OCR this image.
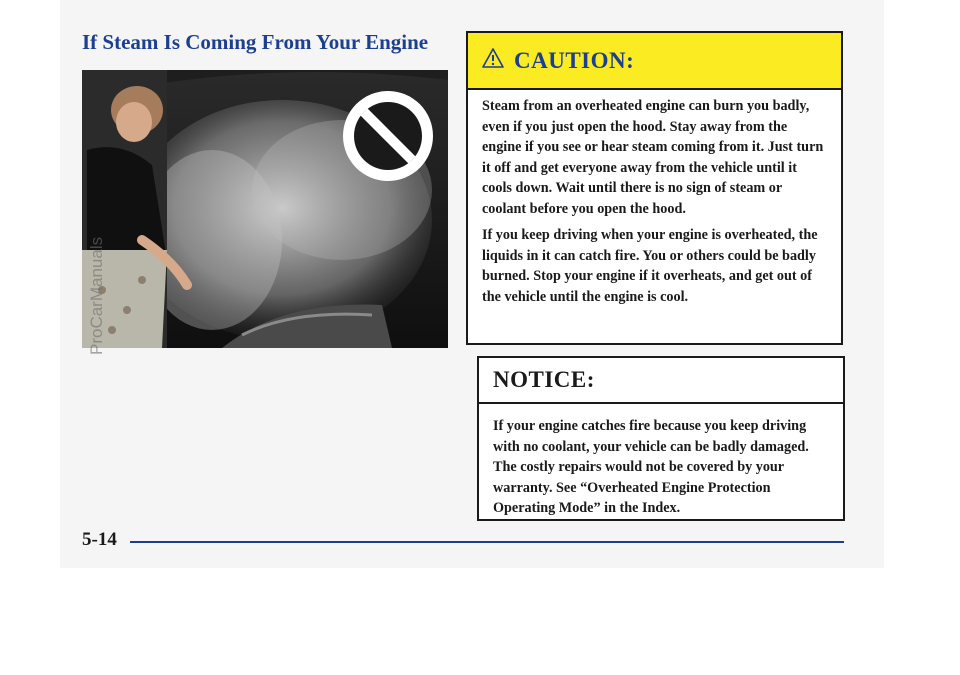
If Steam Is Coming From Your Engine
ProCarManuals
CAUTION:

Steam from an overheated engine can burn you badly, even if you just open the hood. Stay away from the engine if you see or hear steam coming from it. Just turn it off and get everyone away from the vehicle until it cools down. Wait until there is no sign of steam or coolant before you open the hood.

If you keep driving when your engine is overheated, the liquids in it can catch fire. You or others could be badly burned. Stop your engine if it overheats, and get out of the vehicle until the engine is cool.

NOTICE:

If your engine catches fire because you keep driving with no coolant, your vehicle can be badly damaged. The costly repairs would not be covered by your warranty. See “Overheated Engine Protection Operating Mode” in the Index.

5-14
